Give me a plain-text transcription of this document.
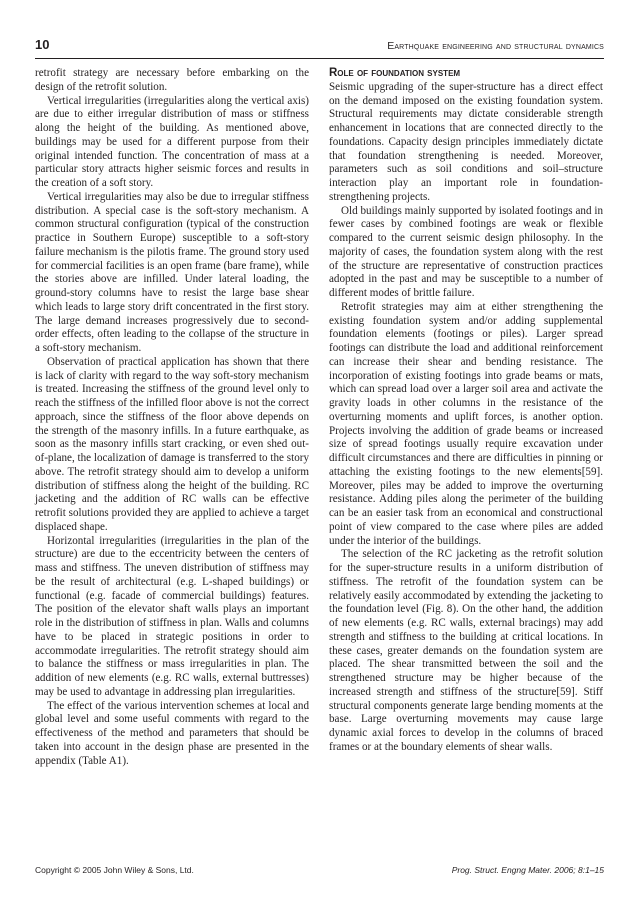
10	Earthquake engineering and structural dynamics

retrofit strategy are necessary before embarking on the design of the retrofit solution.

Vertical irregularities (irregularities along the vertical axis) are due to either irregular distribution of mass or stiffness along the height of the building. As mentioned above, buildings may be used for a different purpose from their original intended function. The concentration of mass at a particular story attracts higher seismic forces and results in the creation of a soft story.

Vertical irregularities may also be due to irregular stiffness distribution. A special case is the soft-story mechanism. A common structural configuration (typical of the construction practice in Southern Europe) susceptible to a soft-story failure mechanism is the pilotis frame. The ground story used for commercial facilities is an open frame (bare frame), while the stories above are infilled. Under lateral loading, the ground-story columns have to resist the large base shear which leads to large story drift concentrated in the first story. The large demand increases progressively due to second-order effects, often leading to the collapse of the structure in a soft-story mechanism.

Observation of practical application has shown that there is lack of clarity with regard to the way soft-story mechanism is treated. Increasing the stiffness of the ground level only to reach the stiffness of the infilled floor above is not the correct approach, since the stiffness of the floor above depends on the strength of the masonry infills. In a future earthquake, as soon as the masonry infills start cracking, or even shed out-of-plane, the localization of damage is transferred to the story above. The retrofit strategy should aim to develop a uniform distribution of stiffness along the height of the building. RC jacketing and the addition of RC walls can be effective retrofit solutions provided they are applied to achieve a target displaced shape.

Horizontal irregularities (irregularities in the plan of the structure) are due to the eccentricity between the centers of mass and stiffness. The uneven distribution of stiffness may be the result of architectural (e.g. L-shaped buildings) or functional (e.g. facade of commercial buildings) features. The position of the elevator shaft walls plays an important role in the distribution of stiffness in plan. Walls and columns have to be placed in strategic positions in order to accommodate irregularities. The retrofit strategy should aim to balance the stiffness or mass irregularities in plan. The addition of new elements (e.g. RC walls, external buttresses) may be used to advantage in addressing plan irregularities.

The effect of the various intervention schemes at local and global level and some useful comments with regard to the effectiveness of the method and parameters that should be taken into account in the design phase are presented in the appendix (Table A1).

Role of foundation system

Seismic upgrading of the super-structure has a direct effect on the demand imposed on the existing foundation system. Structural requirements may dictate considerable strength enhancement in locations that are connected directly to the foundations. Capacity design principles immediately dictate that foundation strengthening is needed. Moreover, parameters such as soil conditions and soil–structure interaction play an important role in foundation-strengthening projects.

Old buildings mainly supported by isolated footings and in fewer cases by combined footings are weak or flexible compared to the current seismic design philosophy. In the majority of cases, the foundation system along with the rest of the structure are representative of construction practices adopted in the past and may be susceptible to a number of different modes of brittle failure.

Retrofit strategies may aim at either strengthening the existing foundation system and/or adding supplemental foundation elements (footings or piles). Larger spread footings can distribute the load and additional reinforcement can increase their shear and bending resistance. The incorporation of existing footings into grade beams or mats, which can spread load over a larger soil area and activate the gravity loads in other columns in the resistance of the overturning moments and uplift forces, is another option. Projects involving the addition of grade beams or increased size of spread footings usually require excavation under difficult circumstances and there are difficulties in pinning or attaching the existing footings to the new elements[59]. Moreover, piles may be added to improve the overturning resistance. Adding piles along the perimeter of the building can be an easier task from an economical and constructional point of view compared to the case where piles are added under the interior of the buildings.

The selection of the RC jacketing as the retrofit solution for the super-structure results in a uniform distribution of stiffness. The retrofit of the foundation system can be relatively easily accommodated by extending the jacketing to the foundation level (Fig. 8). On the other hand, the addition of new elements (e.g. RC walls, external bracings) may add strength and stiffness to the building at critical locations. In these cases, greater demands on the foundation system are placed. The shear transmitted between the soil and the strengthened structure may be higher because of the increased strength and stiffness of the structure[59]. Stiff structural components generate large bending moments at the base. Large overturning movements may cause large dynamic axial forces to develop in the columns of braced frames or at the boundary elements of shear walls.

Copyright © 2005 John Wiley & Sons, Ltd.	Prog. Struct. Engng Mater. 2006; 8:1–15
